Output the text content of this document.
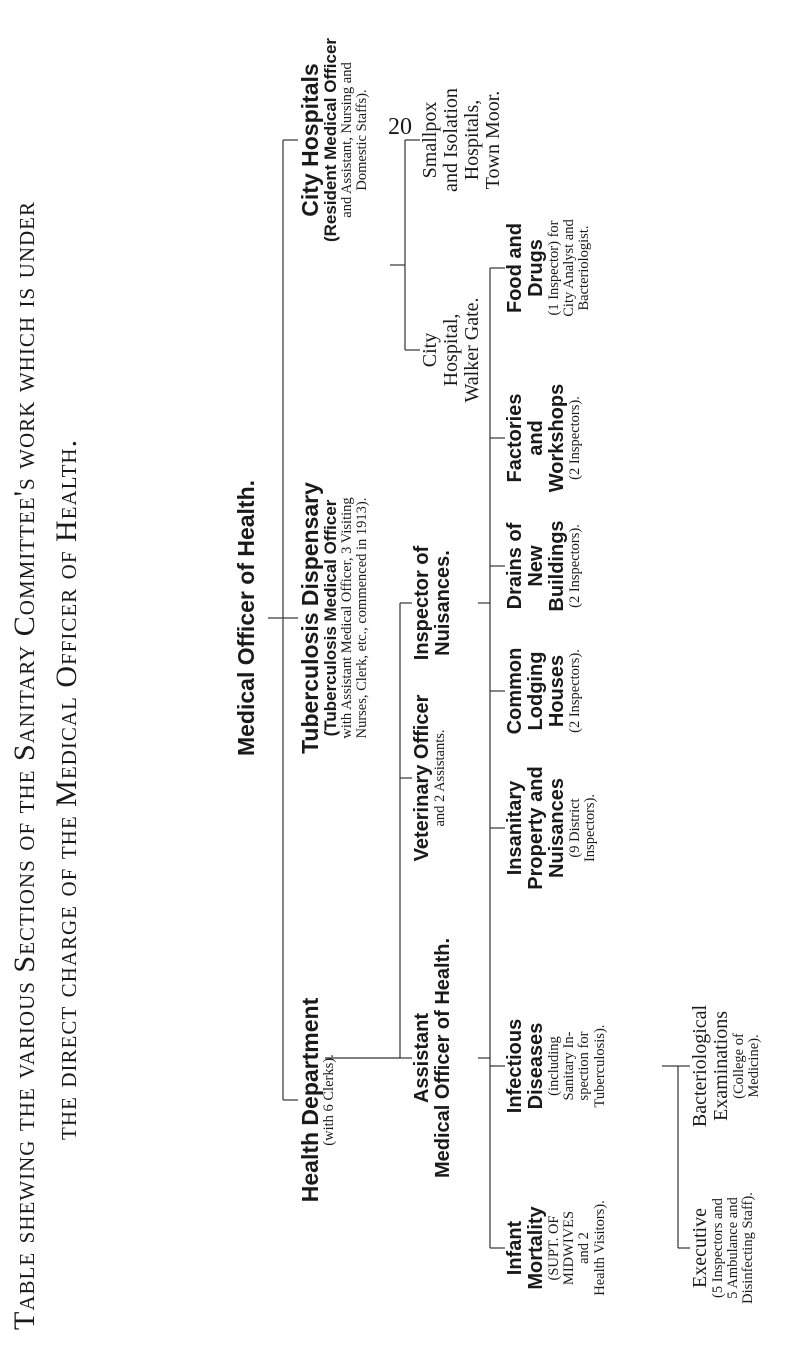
20
Table shewing the various Sections of the Sanitary Committee's work which is under the direct charge of the Medical Officer of Health.	Medical Officer of Health.
Health Department
(with 6 Clerks).
Tuberculosis Dispensary
(Tuberculosis Medical Officer
with Assistant Medical Officer, 3 Visiting Nurses, Clerk, etc., commenced in 1913).
City Hospitals
(Resident Medical Officer
and Assistant, Nursing and Domestic Staffs).
City Hospital, Walker Gate.
Smallpox and Isolation Hospitals, Town Moor.
Assistant Medical Officer of Health.
Veterinary Officer and 2 Assistants.
Inspector of Nuisances.
Infant Mortality (SUPT. OF MIDWIVES and 2 Health Visitors).
Infectious Diseases (including Sanitary In- spection for Tuberculosis).
Insanitary Property and Nuisances (9 District Inspectors).
Common Lodging Houses (2 Inspectors).
Drains of New Buildings (2 Inspectors).
Factories and Workshops (2 Inspectors).
Food and Drugs (1 Inspector) for City Analyst and Bacteriologist.
Executive (5 Inspectors and 5 Ambulance and Disinfecting Staff).
Bacteriological Examinations (College of Medicine).
